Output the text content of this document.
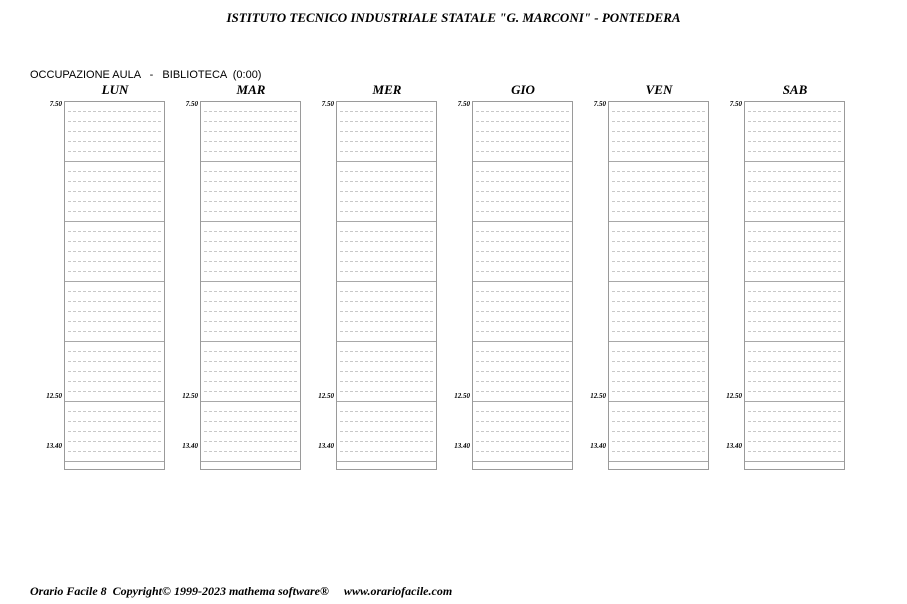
ISTITUTO TECNICO INDUSTRIALE STATALE "G. MARCONI" - PONTEDERA
OCCUPAZIONE AULA   -   BIBLIOTECA  (0:00)
LUN
7.50
12.50
13.40
MAR
7.50
12.50
13.40
MER
7.50
12.50
13.40
GIO
7.50
12.50
13.40
VEN
7.50
12.50
13.40
SAB
7.50
12.50
13.40
Orario Facile 8  Copyright© 1999-2023 mathema software®     www.orariofacile.com
